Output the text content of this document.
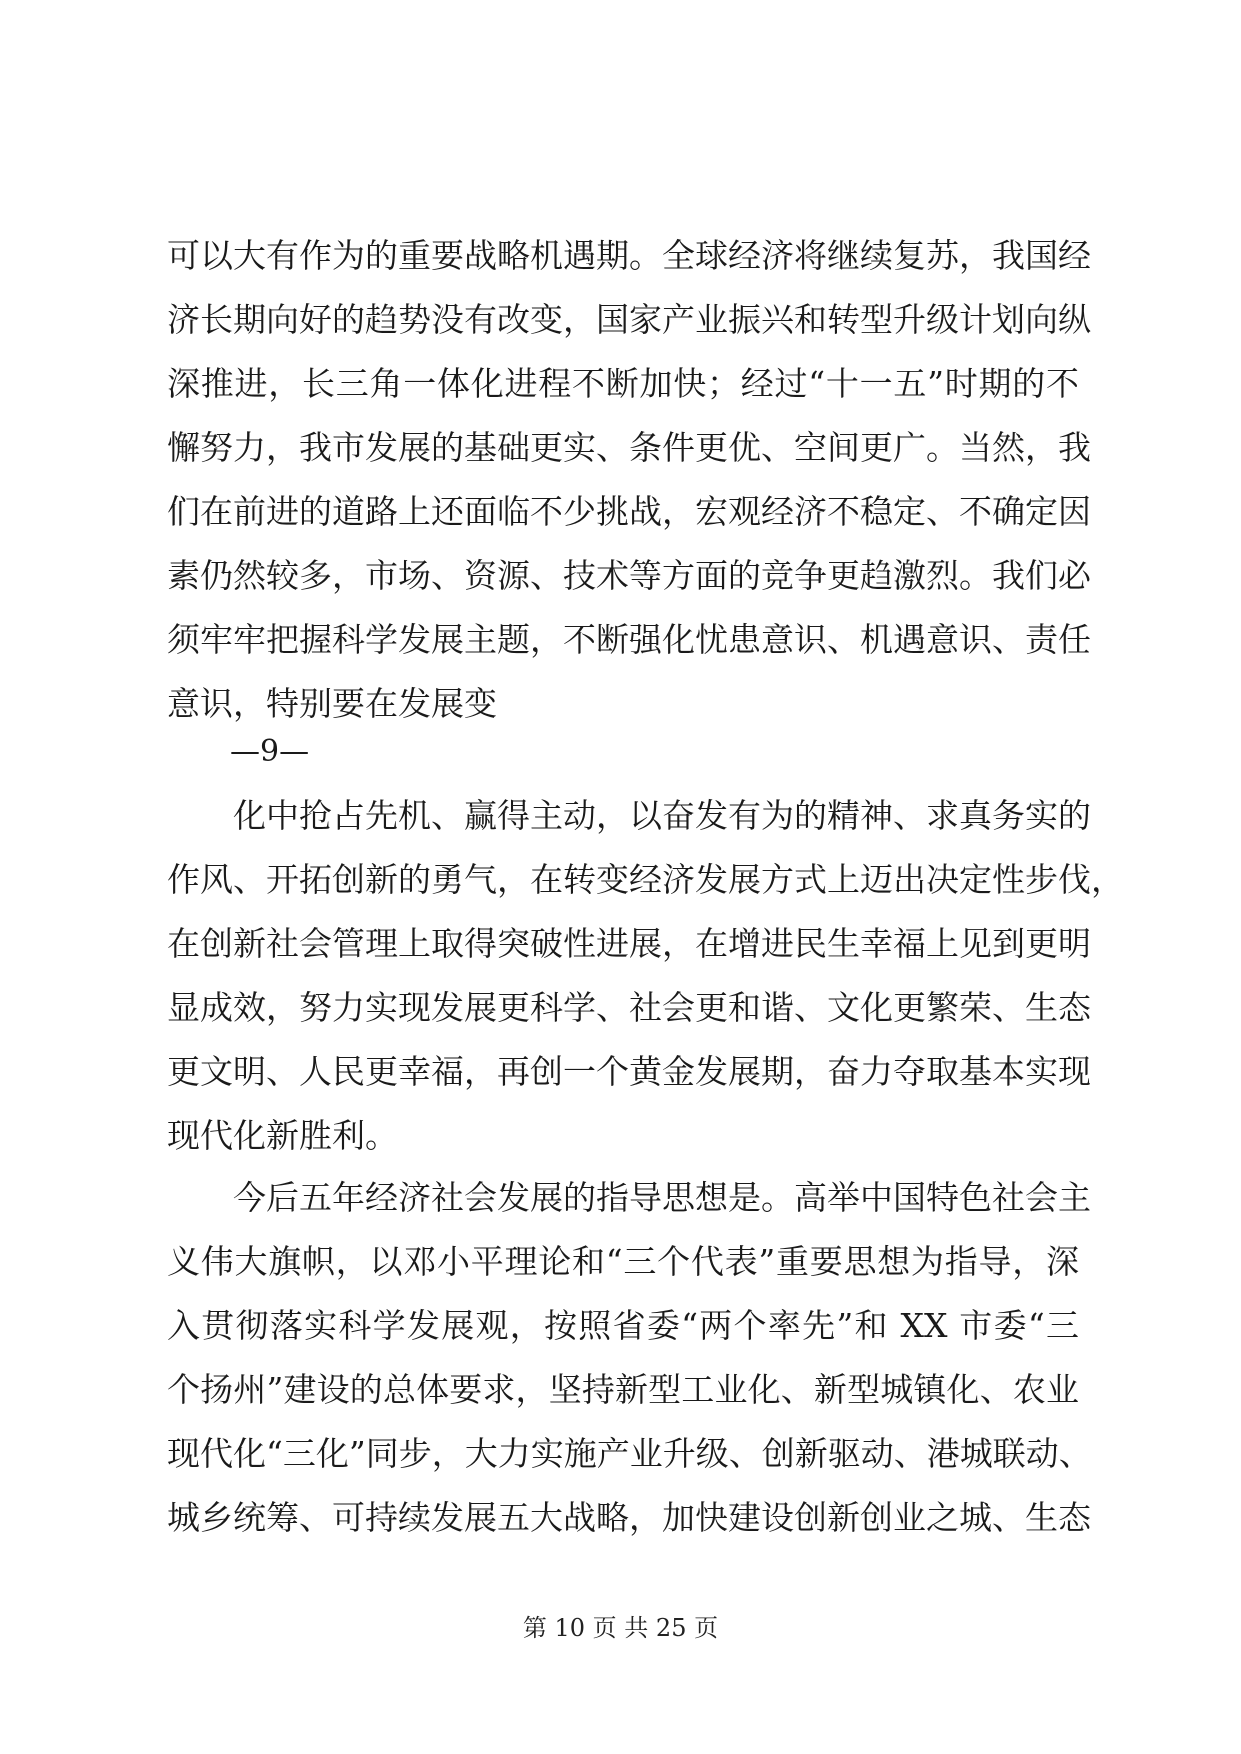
可以大有作为的重要战略机遇期。全球经济将继续复苏，我国经
济长期向好的趋势没有改变，国家产业振兴和转型升级计划向纵
深推进，长三角一体化进程不断加快；经过“十一五”时期的不
懈努力，我市发展的基础更实、条件更优、空间更广。当然，我
们在前进的道路上还面临不少挑战，宏观经济不稳定、不确定因
素仍然较多，市场、资源、技术等方面的竞争更趋激烈。我们必
须牢牢把握科学发展主题，不断强化忧患意识、机遇意识、责任
意识，特别要在发展变
—9—
　　化中抢占先机、赢得主动，以奋发有为的精神、求真务实的
作风、开拓创新的勇气，在转变经济发展方式上迈出决定性步伐，
在创新社会管理上取得突破性进展，在增进民生幸福上见到更明
显成效，努力实现发展更科学、社会更和谐、文化更繁荣、生态
更文明、人民更幸福，再创一个黄金发展期，奋力夺取基本实现
现代化新胜利。
　　今后五年经济社会发展的指导思想是。高举中国特色社会主
义伟大旗帜，以邓小平理论和“三个代表”重要思想为指导，深
入贯彻落实科学发展观，按照省委“两个率先”和 XX 市委“三
个扬州”建设的总体要求，坚持新型工业化、新型城镇化、农业
现代化“三化”同步，大力实施产业升级、创新驱动、港城联动、
城乡统筹、可持续发展五大战略，加快建设创新创业之城、生态
第 10 页 共 25 页
